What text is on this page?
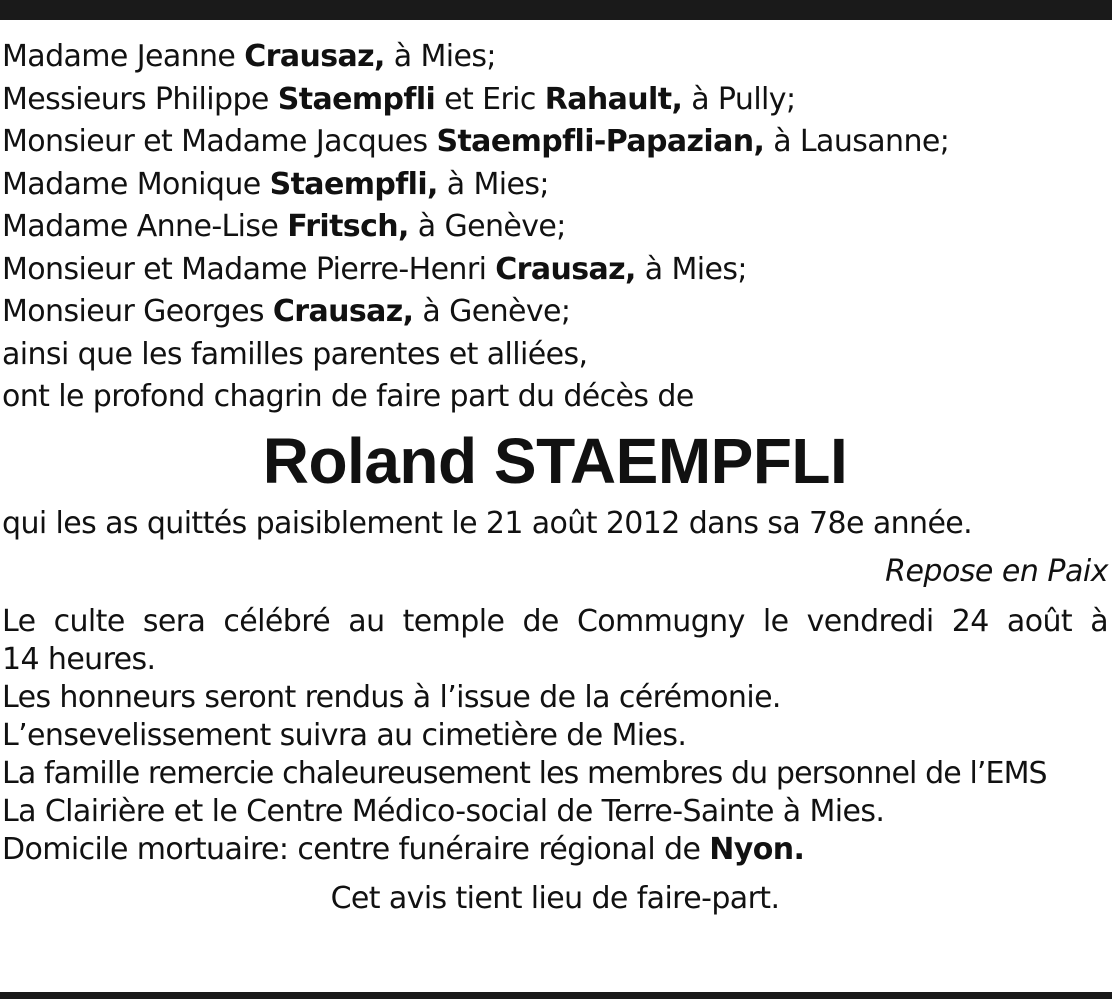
Madame Jeanne Crausaz, à Mies;
Messieurs Philippe Staempfli et Eric Rahault, à Pully;
Monsieur et Madame Jacques Staempfli-Papazian, à Lausanne;
Madame Monique Staempfli, à Mies;
Madame Anne-Lise Fritsch, à Genève;
Monsieur et Madame Pierre-Henri Crausaz, à Mies;
Monsieur Georges Crausaz, à Genève;
ainsi que les familles parentes et alliées,
ont le profond chagrin de faire part du décès de
Roland STAEMPFLI
qui les as quittés paisiblement le 21 août 2012 dans sa 78e année.
Repose en Paix
Le culte sera célébré au temple de Commugny le vendredi 24 août à
14 heures.
Les honneurs seront rendus à l’issue de la cérémonie.
L’ensevelissement suivra au cimetière de Mies.
La famille remercie chaleureusement les membres du personnel de l’EMS
La Clairière et le Centre Médico-social de Terre-Sainte à Mies.
Domicile mortuaire: centre funéraire régional de Nyon.
Cet avis tient lieu de faire-part.
